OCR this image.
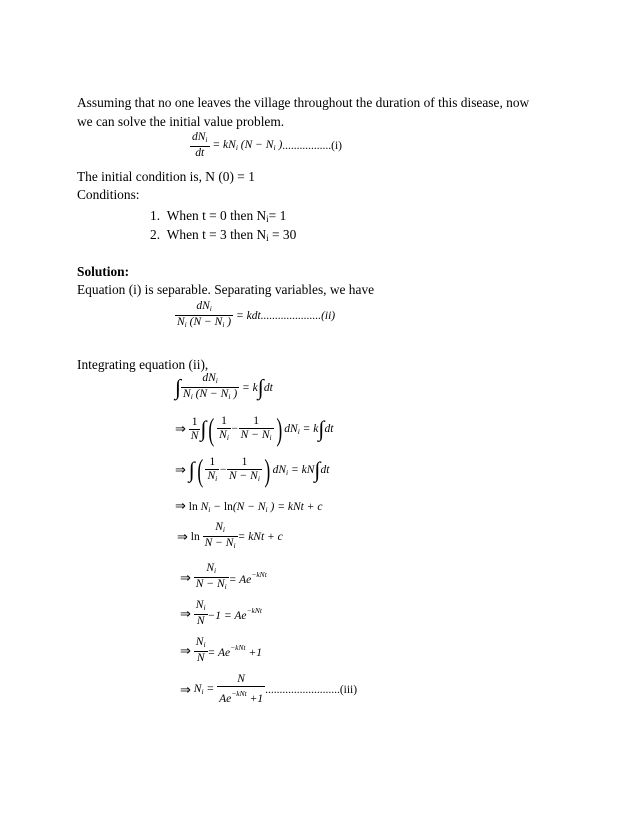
Assuming that no one leaves the village throughout the duration of this disease, now
we can solve the initial value problem.
$dN_i$
dt
= $kN_i$ ($N - N_i$ ).................(i)
The initial condition is, N (0) = 1
Conditions:
1. When t = 0 then $N_i= 1$
2. When t = 3 then $N_i = 30$
Solution:
Equation (i) is separable. Separating variables, we have
$dN_i$
$N_i$ ($N - N_i$ )
= kdt.....................(ii)
Integrating equation (ii),
∫	$dN_i$
$N_i$ ($N - N_i$ )
= k∫dt
⇒ $\frac{1}{N}$ ∫( $\frac{1}{N_i} - \frac{1}{N - N_i}$ ) $dN_i = k\int dt$
⇒ ∫( $\frac{1}{N_i} - \frac{1}{N - N_i}$ ) $dN_i = kN\int dt$
⇒ $\ln N_i - \ln(N - N_i$ ) = kNt + c
⇒ $\ln \frac{N_i}{N - N_i}$ = kNt + c
⇒ $\frac{N_i}{N - N_i} = Ae^{-kNt}$
⇒ $\frac{N_i}{N} -1 = Ae^{-kNt}$
⇒ $\frac{N_i}{N} = Ae^{-kNt} +1$
⇒ $N_i$ =
N
$Ae^{-kNt} +1$
..........................(iii)
